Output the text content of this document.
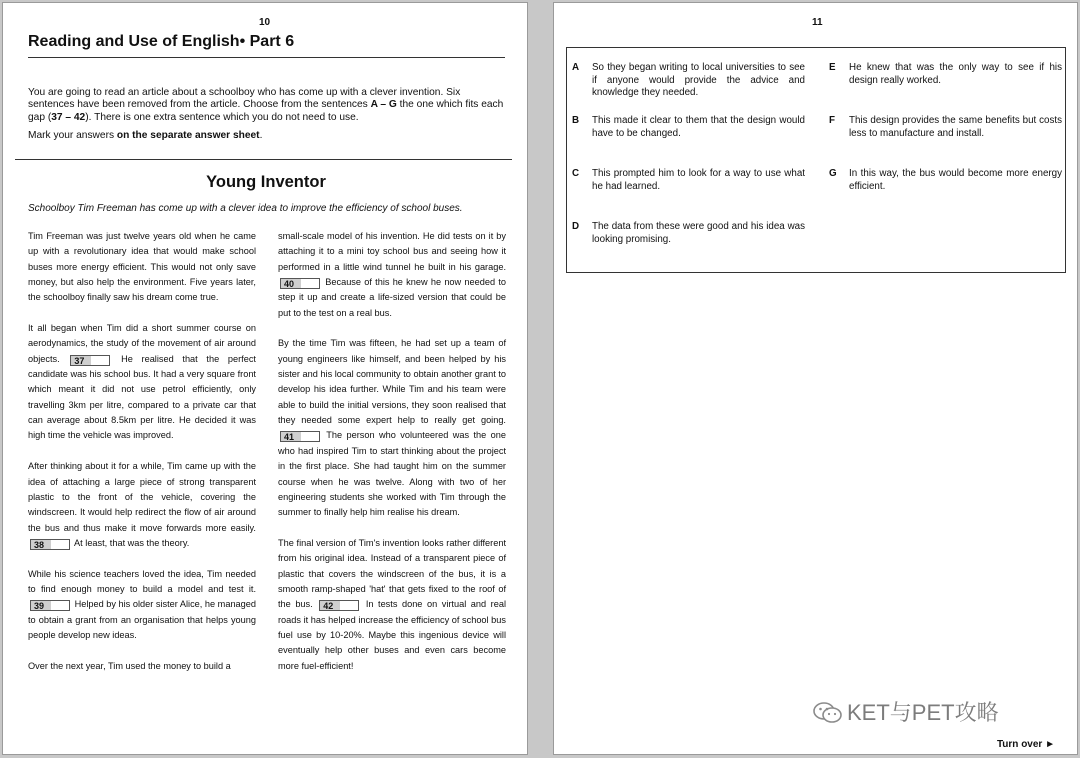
10
Reading and Use of English• Part 6

You are going to read an article about a schoolboy who has come up with a clever invention. Six sentences have been removed from the article. Choose from the sentences A – G the one which fits each gap (37 – 42). There is one extra sentence which you do not need to use.

Mark your answers on the separate answer sheet.

Young Inventor

Schoolboy Tim Freeman has come up with a clever idea to improve the efficiency of school buses.

Tim Freeman was just twelve years old when he came up with a revolutionary idea that would make school buses more energy efficient. This would not only save money, but also help the environment. Five years later, the schoolboy finally saw his dream come true.

It all began when Tim did a short summer course on aerodynamics, the study of the movement of air around objects. 37	He realised that the perfect candidate was his school bus. It had a very square front which meant it did not use petrol efficiently, only travelling 3km per litre, compared to a private car that can average about 8.5km per litre. He decided it was high time the vehicle was improved.

After thinking about it for a while, Tim came up with the idea of attaching a large piece of strong transparent plastic to the front of the vehicle, covering the windscreen. It would help redirect the flow of air around the bus and thus make it move forwards more easily. 38	At least, that was the theory.

While his science teachers loved the idea, Tim needed to find enough money to build a model and test it. 39	Helped by his older sister Alice, he managed to obtain a grant from an organisation that helps young people develop new ideas.

Over the next year, Tim used the money to build a

small-scale model of his invention. He did tests on it by attaching it to a mini toy school bus and seeing how it performed in a little wind tunnel he built in his garage. 40	Because of this he knew he now needed to step it up and create a life-sized version that could be put to the test on a real bus.

By the time Tim was fifteen, he had set up a team of young engineers like himself, and been helped by his sister and his local community to obtain another grant to develop his idea further. While Tim and his team were able to build the initial versions, they soon realised that they needed some expert help to really get going. 41	The person who volunteered was the one who had inspired Tim to start thinking about the project in the first place. She had taught him on the summer course when he was twelve. Along with two of her engineering students she worked with Tim through the summer to finally help him realise his dream.

The final version of Tim's invention looks rather different from his original idea. Instead of a transparent piece of plastic that covers the windscreen of the bus, it is a smooth ramp-shaped 'hat' that gets fixed to the roof of the bus. 42	In tests done on virtual and real roads it has helped increase the efficiency of school bus fuel use by 10-20%. Maybe this ingenious device will eventually help other buses and even cars become more fuel-efficient!

11
A So they began writing to local universities to see if anyone would provide the advice and knowledge they needed.
B This made it clear to them that the design would have to be changed.
C This prompted him to look for a way to use what he had learned.
D The data from these were good and his idea was looking promising.
E He knew that was the only way to see if his design really worked.
F This design provides the same benefits but costs less to manufacture and install.
G In this way, the bus would become more energy efficient.
Turn over ►
KET与PET攻略
